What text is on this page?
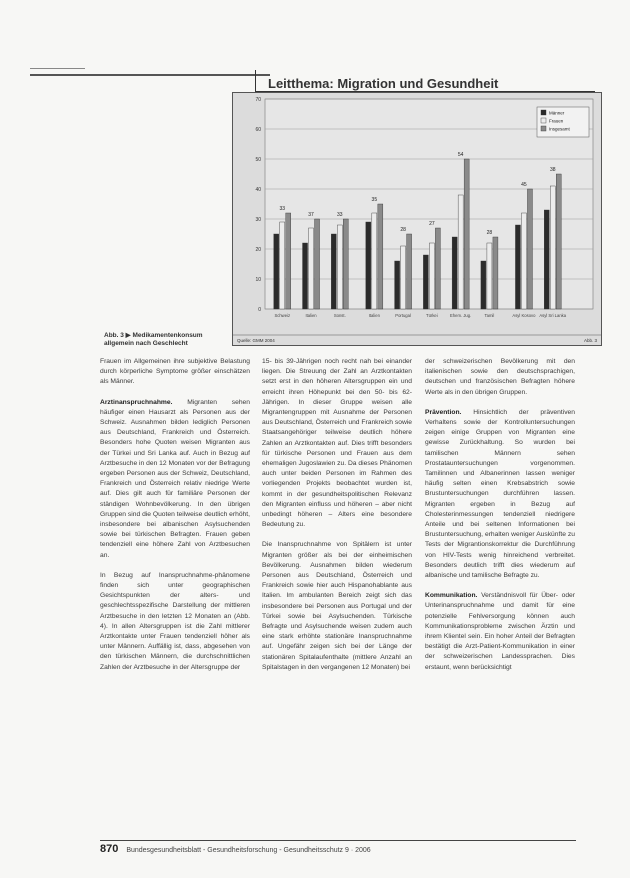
Leitthema: Migration und Gesundheit
0
10
20
30
40
50
60
70
33
37	33
35
28
27
54
28
45
38
Schweiz	Italien	Sonst.	Italien	Portugal	Türkei	Ehem. Jug.	Tamil	Asyl Kosovo Asyl Sri Lanka
Männer
Frauen
Insgesamt
Quelle: GMM 2004	Abb. 3
Abb. 3 ▶ Medikamentenkonsum allgemein nach Geschlecht

Frauen im Allgemeinen ihre subjektive Belastung durch körperliche Symptome größer einschätzen als Männer.

Arztinanspruchnahme. Migranten sehen häufiger einen Hausarzt als Personen aus der Schweiz. Ausnahmen bilden lediglich Personen aus Deutschland, Frankreich und Österreich. Besonders hohe Quoten weisen Migranten aus der Türkei und Sri Lanka auf. Auch in Bezug auf Arztbesuche in den 12 Monaten vor der Befragung ergeben Personen aus der Schweiz, Deutschland, Frankreich und Österreich relativ niedrige Werte auf. Dies gilt auch für familiäre Personen der ständigen Wohnbevölkerung. In den übrigen Gruppen sind die Quoten teilweise deutlich erhöht, insbesondere bei albanischen Asylsuchenden sowie bei türkischen Befragten. Frauen geben tendenziell eine höhere Zahl von Arztbesuchen an.

In Bezug auf Inanspruchnahme-phänomene finden sich unter geographischen Gesichtspunkten der alters- und geschlechtsspezifische Darstellung der mittleren Arztbesuche in den letzten 12 Monaten an (Abb. 4). In allen Altersgruppen ist die Zahl mittlerer Arztkontakte unter Frauen tendenziell höher als unter Männern. Auffällig ist, dass, abgesehen von den türkischen Männern, die durchschnittlichen Zahlen der Arztbesuche in der Altersgruppe der

15- bis 39-Jährigen noch recht nah bei einander liegen. Die Streuung der Zahl an Arztkontakten setzt erst in den höheren Altersgruppen ein und erreicht ihren Höhepunkt bei den 50- bis 62-Jährigen. In dieser Gruppe weisen alle Migrantengruppen mit Ausnahme der Personen aus Deutschland, Österreich und Frankreich sowie Staatsangehöriger teilweise deutlich höhere Zahlen an Arztkontakten auf. Dies trifft besonders für türkische Personen und Frauen aus dem ehemaligen Jugoslawien zu. Da dieses Phänomen auch unter beiden Personen im Rahmen des vorliegenden Projekts beobachtet wurden ist, kommt in der gesundheitspolitischen Relevanz den Migranten einfluss und höheren – aber nicht unbedingt höheren – Alters eine besondere Bedeutung zu.

Die Inanspruchnahme von Spitälern ist unter Migranten größer als bei der einheimischen Bevölkerung. Ausnahmen bilden wiederum Personen aus Deutschland, Österreich und Frankreich sowie hier auch Hispanohablante aus Italien. Im ambulanten Bereich zeigt sich das insbesondere bei Personen aus Portugal und der Türkei sowie bei Asylsuchenden. Türkische Befragte und Asylsuchende weisen zudem auch eine stark erhöhte stationäre Inanspruchnahme auf. Ungefähr zeigen sich bei der Länge der stationären Spitalaufenthalte (mittlere Anzahl an Spitalstagen in den vergangenen 12 Monaten) bei

der schweizerischen Bevölkerung mit den italienischen sowie den deutschsprachigen, deutschen und französischen Befragten höhere Werte als in den übrigen Gruppen.

Prävention. Hinsichtlich der präventiven Verhaltens sowie der Kontrolluntersuchungen zeigen einige Gruppen von Migranten eine gewisse Zurückhaltung. So wurden bei tamilischen Männern sehen Prostatauntersuchungen vorgenommen. Tamilinnen und Albanerinnen lassen weniger häufig selten einen Krebsabstrich sowie Brustuntersuchungen durchführen lassen. Migranten ergeben in Bezug auf Cholesterinmessungen tendenziell niedrigere Anteile und bei seltenen Informationen bei Brustuntersuchung, erhalten weniger Auskünfte zu Tests der Migrantionskorrektur die Durchführung von HIV-Tests wenig hinreichend verbreitet. Besonders deutlich trifft dies wiederum auf albanische und tamilische Befragte zu.

Kommunikation. Verständnisvoll für Über- oder Unterinanspruchnahme und damit für eine potenzielle Fehlversorgung können auch Kommunikationsprobleme zwischen Ärztin und ihrem Klientel sein. Ein hoher Anteil der Befragten bestätigt die Arzt-Patient-Kommunikation in einer der schweizerischen Landessprachen. Dies erstaunt, wenn berücksichtigt

870 Bundesgesundheitsblatt - Gesundheitsforschung - Gesundheitsschutz 9 · 2006
